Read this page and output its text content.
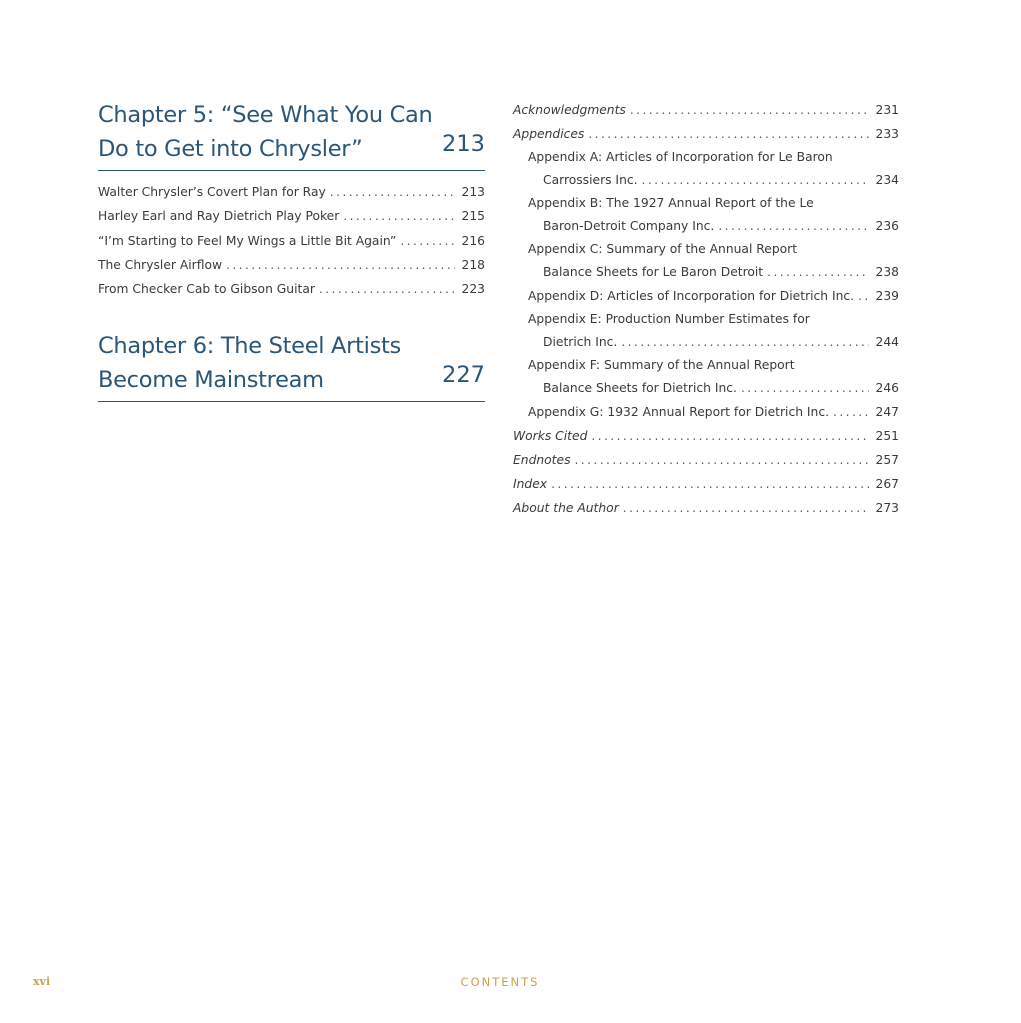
Chapter 5: “See What You Can
Do to Get into Chrysler”	213
Walter Chrysler’s Covert Plan for Ray .....	213
Harley Earl and Ray Dietrich Play Poker .....	215
“I’m Starting to Feel My Wings a Little Bit Again” .....	216
The Chrysler Airflow .....	218
From Checker Cab to Gibson Guitar .....	223
Chapter 6: The Steel Artists
Become Mainstream	227
Acknowledgments .....	231
Appendices .....	233
Appendix A: Articles of Incorporation for Le Baron
Carrossiers Inc. .....	234
Appendix B: The 1927 Annual Report of the Le
Baron-Detroit Company Inc. .....	236
Appendix C: Summary of the Annual Report
Balance Sheets for Le Baron Detroit .....	238
Appendix D: Articles of Incorporation for Dietrich Inc. ..... 239
Appendix E: Production Number Estimates for
Dietrich Inc. .....	244
Appendix F: Summary of the Annual Report
Balance Sheets for Dietrich Inc. .....	246
Appendix G: 1932 Annual Report for Dietrich Inc. .....	247
Works Cited .....	251
Endnotes .....	257
Index .....	267
About the Author .....	273
xvi	CONTENTS
